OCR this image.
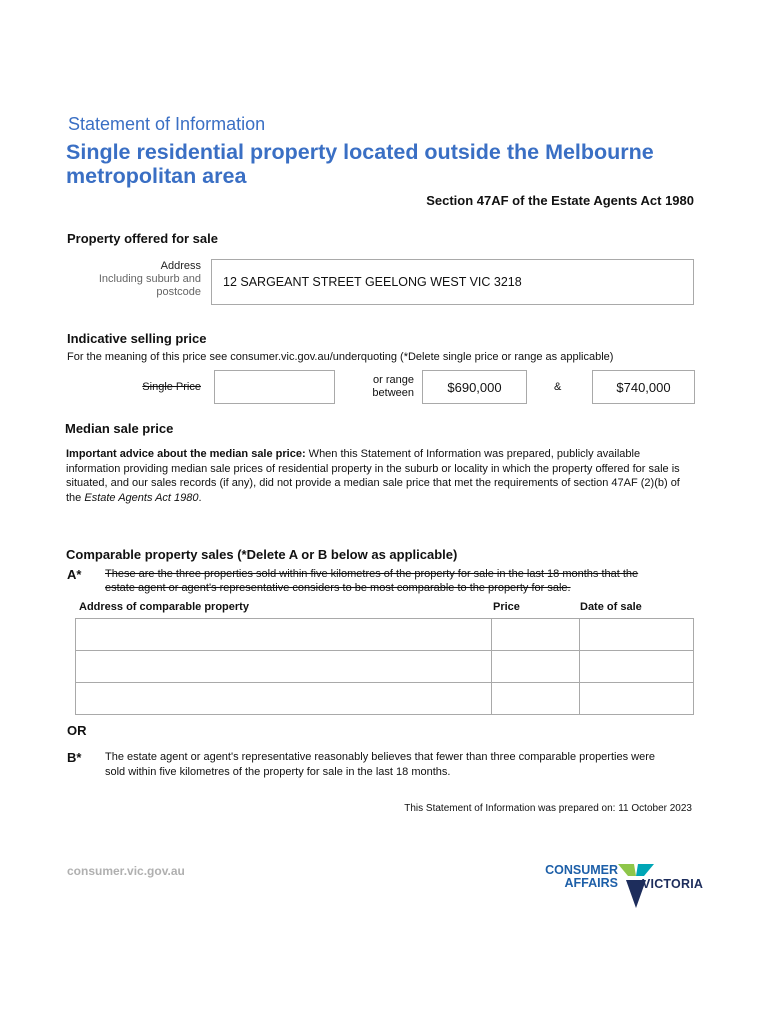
Statement of Information
Single residential property located outside the Melbourne
metropolitan area
Section 47AF of the Estate Agents Act 1980
Property offered for sale
Address
Including suburb and
postcode
12 SARGEANT STREET GEELONG WEST VIC 3218
Indicative selling price
For the meaning of this price see consumer.vic.gov.au/underquoting (*Delete single price or range as applicable)
Single Price
or range
between	$690,000	&	$740,000
Median sale price
Important advice about the median sale price: When this Statement of Information was prepared, publicly available information providing median sale prices of residential property in the suburb or locality in which the property offered for sale is situated, and our sales records (if any), did not provide a median sale price that met the requirements of section 47AF (2)(b) of the Estate Agents Act 1980.
Comparable property sales (*Delete A or B below as applicable)
A* These are the three properties sold within five kilometres of the property for sale in the last 18 months that the
estate agent or agent's representative considers to be most comparable to the property for sale.
Address of comparable property	Price	Date of sale

OR
B* The estate agent or agent's representative reasonably believes that fewer than three comparable properties were
sold within five kilometres of the property for sale in the last 18 months.
This Statement of Information was prepared on: 11 October 2023
consumer.vic.gov.au	CONSUMER
AFFAIRS VICTORIA
